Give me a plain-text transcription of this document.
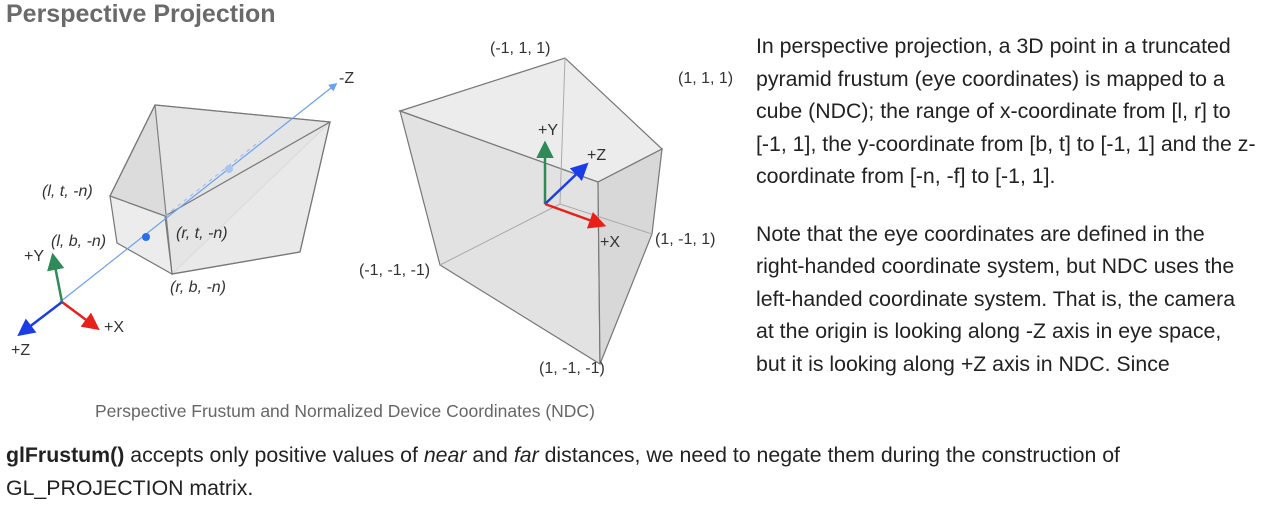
Perspective Projection
-Z
(l, t, -n)
(l, b, -n)	(r, t, -n)
(r, b, -n)
+Y
+X
+Z
(-1, 1, 1)
(1, 1, 1)
(1, -1, 1)
(-1, -1, -1)
(1, -1, -1)
+Y
+Z
+X
Perspective Frustum and Normalized Device Coordinates (NDC)

In perspective projection, a 3D point in a truncated pyramid frustum (eye coordinates) is mapped to a cube (NDC); the range of x-coordinate from [l, r] to [-1, 1], the y-coordinate from [b, t] to [-1, 1] and the z-coordinate from [-n, -f] to [-1, 1].

Note that the eye coordinates are defined in the right-handed coordinate system, but NDC uses the left-handed coordinate system. That is, the camera at the origin is looking along -Z axis in eye space, but it is looking along +Z axis in NDC. Since

glFrustum() accepts only positive values of near and far distances, we need to negate them during the construction of GL_PROJECTION matrix.
